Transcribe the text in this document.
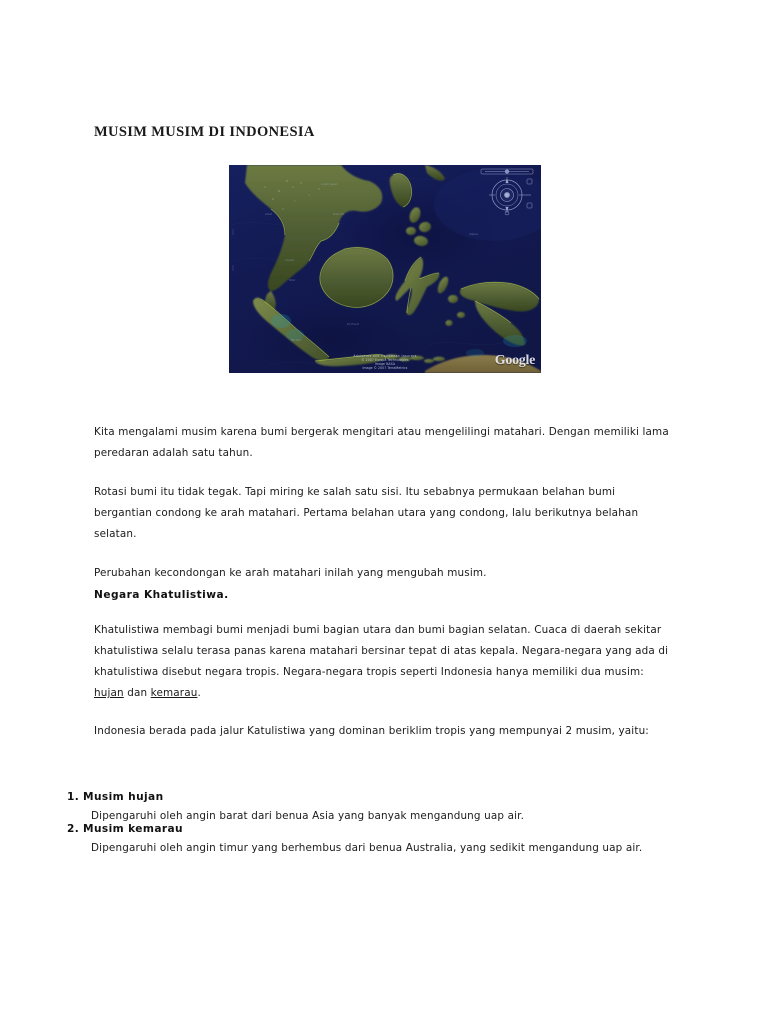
MUSIM MUSIM DI INDONESIA
Lorem Ipsum
Dolor Sit
Amet
Consec
Tetur
Adipisc
Elit Sed
Do Eiusm
Adviseurs and Caribbean Insurers
© 2007 Europa Technologies
Image NASA
Image © 2007 TerraMetrics	Google

Kita mengalami musim karena bumi bergerak mengitari atau mengelilingi matahari. Dengan memiliki lama peredaran adalah satu tahun.

Rotasi bumi itu tidak tegak. Tapi miring ke salah satu sisi. Itu sebabnya permukaan belahan bumi bergantian condong ke arah matahari. Pertama belahan utara yang condong, lalu berikutnya belahan selatan.

Perubahan kecondongan ke arah matahari inilah yang mengubah musim.

Negara Khatulistiwa.

Khatulistiwa membagi bumi menjadi bumi bagian utara dan bumi bagian selatan. Cuaca di daerah sekitar khatulistiwa selalu terasa panas karena matahari bersinar tepat di atas kepala. Negara-negara yang ada di khatulistiwa disebut negara tropis. Negara-negara tropis seperti Indonesia hanya memiliki dua musim: hujan dan kemarau.

Indonesia berada pada jalur Katulistiwa yang dominan beriklim tropis yang mempunyai 2 musim, yaitu:

1. Musim hujan
Dipengaruhi oleh angin barat dari benua Asia yang banyak mengandung uap air.
2. Musim kemarau
Dipengaruhi oleh angin timur yang berhembus dari benua Australia, yang sedikit mengandung uap air.
